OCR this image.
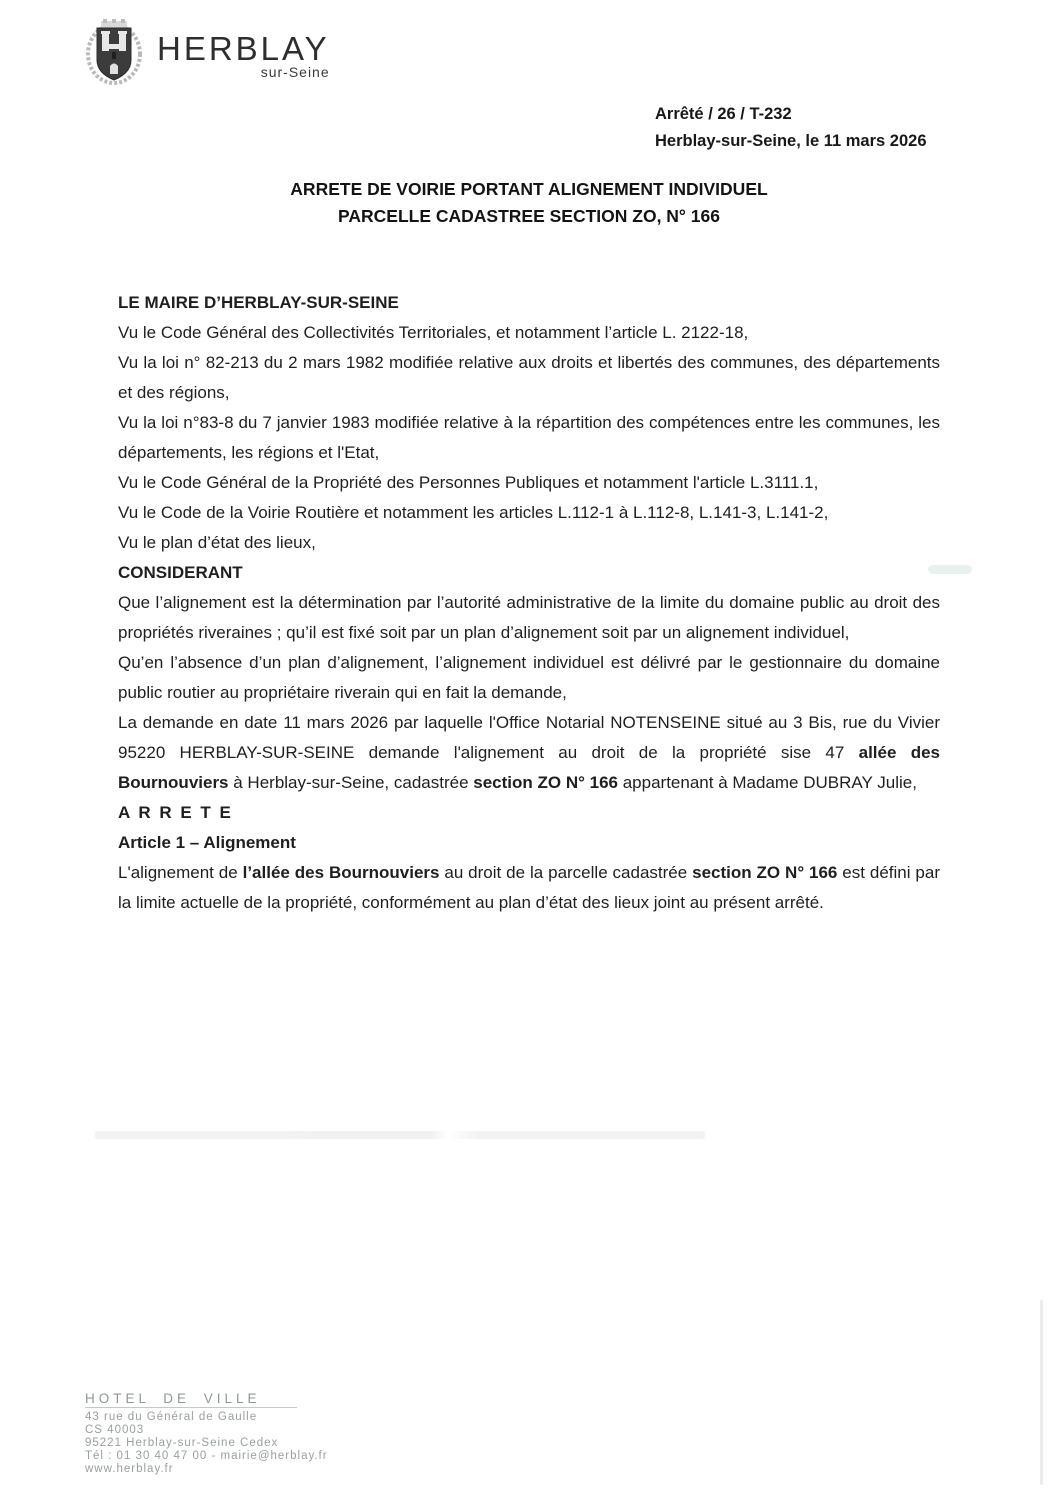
HERBLAY
sur-Seine
Arrêté / 26 / T-232
Herblay-sur-Seine, le 11 mars 2026
ARRETE DE VOIRIE PORTANT ALIGNEMENT INDIVIDUEL
PARCELLE CADASTREE SECTION ZO, N° 166

LE MAIRE D’HERBLAY-SUR-SEINE

Vu le Code Général des Collectivités Territoriales, et notamment l’article L. 2122-18,

Vu la loi n° 82-213 du 2 mars 1982 modifiée relative aux droits et libertés des communes, des départements et des régions,

Vu la loi n°83-8 du 7 janvier 1983 modifiée relative à la répartition des compétences entre les communes, les départements, les régions et l'Etat,

Vu le Code Général de la Propriété des Personnes Publiques et notamment l'article L.3111.1,

Vu le Code de la Voirie Routière et notamment les articles L.112-1 à L.112-8, L.141-3, L.141-2,

Vu le plan d’état des lieux,

CONSIDERANT

Que l’alignement est la détermination par l’autorité administrative de la limite du domaine public au droit des propriétés riveraines ; qu’il est fixé soit par un plan d’alignement soit par un alignement individuel,

Qu’en l’absence d’un plan d’alignement, l’alignement individuel est délivré par le gestionnaire du domaine public routier au propriétaire riverain qui en fait la demande,

La demande en date 11 mars 2026 par laquelle l'Office Notarial NOTENSEINE situé au 3 Bis, rue du Vivier 95220 HERBLAY-SUR-SEINE demande l'alignement au droit de la propriété sise 47 allée des Bournouviers à Herblay-sur-Seine, cadastrée section ZO N° 166 appartenant à Madame DUBRAY Julie,

A R R E T E

Article 1 – Alignement

L'alignement de l’allée des Bournouviers au droit de la parcelle cadastrée section ZO N° 166 est défini par la limite actuelle de la propriété, conformément au plan d’état des lieux joint au présent arrêté.

HOTEL DE VILLE
43 rue du Général de Gaulle
CS 40003
95221 Herblay-sur-Seine Cedex
Tél : 01 30 40 47 00 - mairie@herblay.fr
www.herblay.fr
